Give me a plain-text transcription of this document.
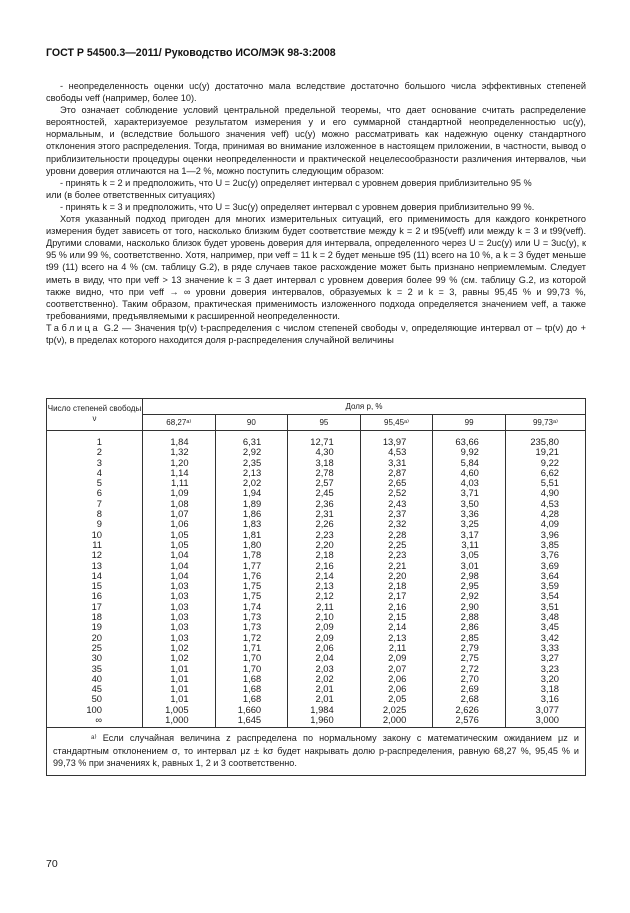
ГОСТ Р 54500.3—2011/ Руководство ИСО/МЭК 98-3:2008

- неопределенность оценки uc(y) достаточно мала вследствие достаточно большого числа эффективных степеней свободы νeff (например, более 10).

Это означает соблюдение условий центральной предельной теоремы, что дает основание считать распределение вероятностей, характеризуемое результатом измерения y и его суммарной стандартной неопределенностью uc(y), нормальным, и (вследствие большого значения νeff) uc(y) можно рассматривать как надежную оценку стандартного отклонения этого распределения. Тогда, принимая во внимание изложенное в настоящем приложении, в частности, вывод о приблизительности процедуры оценки неопределенности и практической нецелесообразности различения интервалов, чьи уровни доверия отличаются на 1—2 %, можно поступить следующим образом:

- принять k = 2 и предположить, что U = 2uc(y) определяет интервал с уровнем доверия приблизительно 95 %

или (в более ответственных ситуациях)

- принять k = 3 и предположить, что U = 3uc(y) определяет интервал с уровнем доверия приблизительно 99 %.

Хотя указанный подход пригоден для многих измерительных ситуаций, его применимость для каждого конкретного измерения будет зависеть от того, насколько близким будет соответствие между k = 2 и t95(νeff) или между k = 3 и t99(νeff). Другими словами, насколько близок будет уровень доверия для интервала, определенного через U = 2uc(y) или U = 3uc(y), к 95 % или 99 %, соответственно. Хотя, например, при νeff = 11 k = 2 будет меньше t95 (11) всего на 10 %, а k = 3 будет меньше t99 (11) всего на 4 % (см. таблицу G.2), в ряде случаев такое расхождение может быть признано неприемлемым. Следует иметь в виду, что при νeff > 13 значение k = 3 дает интервал с уровнем доверия более 99 % (см. таблицу G.2, из которой также видно, что при νeff → ∞ уровни доверия интервалов, образуемых k = 2 и k = 3, равны 95,45 % и 99,73 %, соответственно). Таким образом, практическая применимость изложенного подхода определяется значением νeff, а также требованиями, предъявляемыми к расширенной неопределенности.

Таблица G.2 — Значения tp(ν) t-распределения с числом степеней свободы ν, определяющие интервал от – tp(ν) до + tp(ν), в пределах которого находится доля p-распределения случайной величины

Число степеней свободы ν	Доля p, %					
	68,27ᵃ⁾	90	95	95,45ᵃ⁾	99	99,73ᵃ⁾
1	1,84	6,31	12,71	13,97	63,66	235,80
2	1,32	2,92	4,30	4,53	9,92	19,21
3	1,20	2,35	3,18	3,31	5,84	9,22
4	1,14	2,13	2,78	2,87	4,60	6,62
5	1,11	2,02	2,57	2,65	4,03	5,51
6	1,09	1,94	2,45	2,52	3,71	4,90
7	1,08	1,89	2,36	2,43	3,50	4,53
8	1,07	1,86	2,31	2,37	3,36	4,28
9	1,06	1,83	2,26	2,32	3,25	4,09
10	1,05	1,81	2,23	2,28	3,17	3,96
11	1,05	1,80	2,20	2,25	3,11	3,85
12	1,04	1,78	2,18	2,23	3,05	3,76
13	1,04	1,77	2,16	2,21	3,01	3,69
14	1,04	1,76	2,14	2,20	2,98	3,64
15	1,03	1,75	2,13	2,18	2,95	3,59
16	1,03	1,75	2,12	2,17	2,92	3,54
17	1,03	1,74	2,11	2,16	2,90	3,51
18	1,03	1,73	2,10	2,15	2,88	3,48
19	1,03	1,73	2,09	2,14	2,86	3,45
20	1,03	1,72	2,09	2,13	2,85	3,42
25	1,02	1,71	2,06	2,11	2,79	3,33
30	1,02	1,70	2,04	2,09	2,75	3,27
35	1,01	1,70	2,03	2,07	2,72	3,23
40	1,01	1,68	2,02	2,06	2,70	3,20
45	1,01	1,68	2,01	2,06	2,69	3,18
50	1,01	1,68	2,01	2,05	2,68	3,16
100	1,005	1,660	1,984	2,025	2,626	3,077
∞	1,000	1,645	1,960	2,000	2,576	3,000
ᵃ⁾ Если случайная величина z распределена по нормальному закону с математическим ожиданием μz и стандартным отклонением σ, то интервал μz ± kσ будет накрывать долю p-распределения, равную 68,27 %, 95,45 % и 99,73 % при значениях k, равных 1, 2 и 3 соответственно.						
70
